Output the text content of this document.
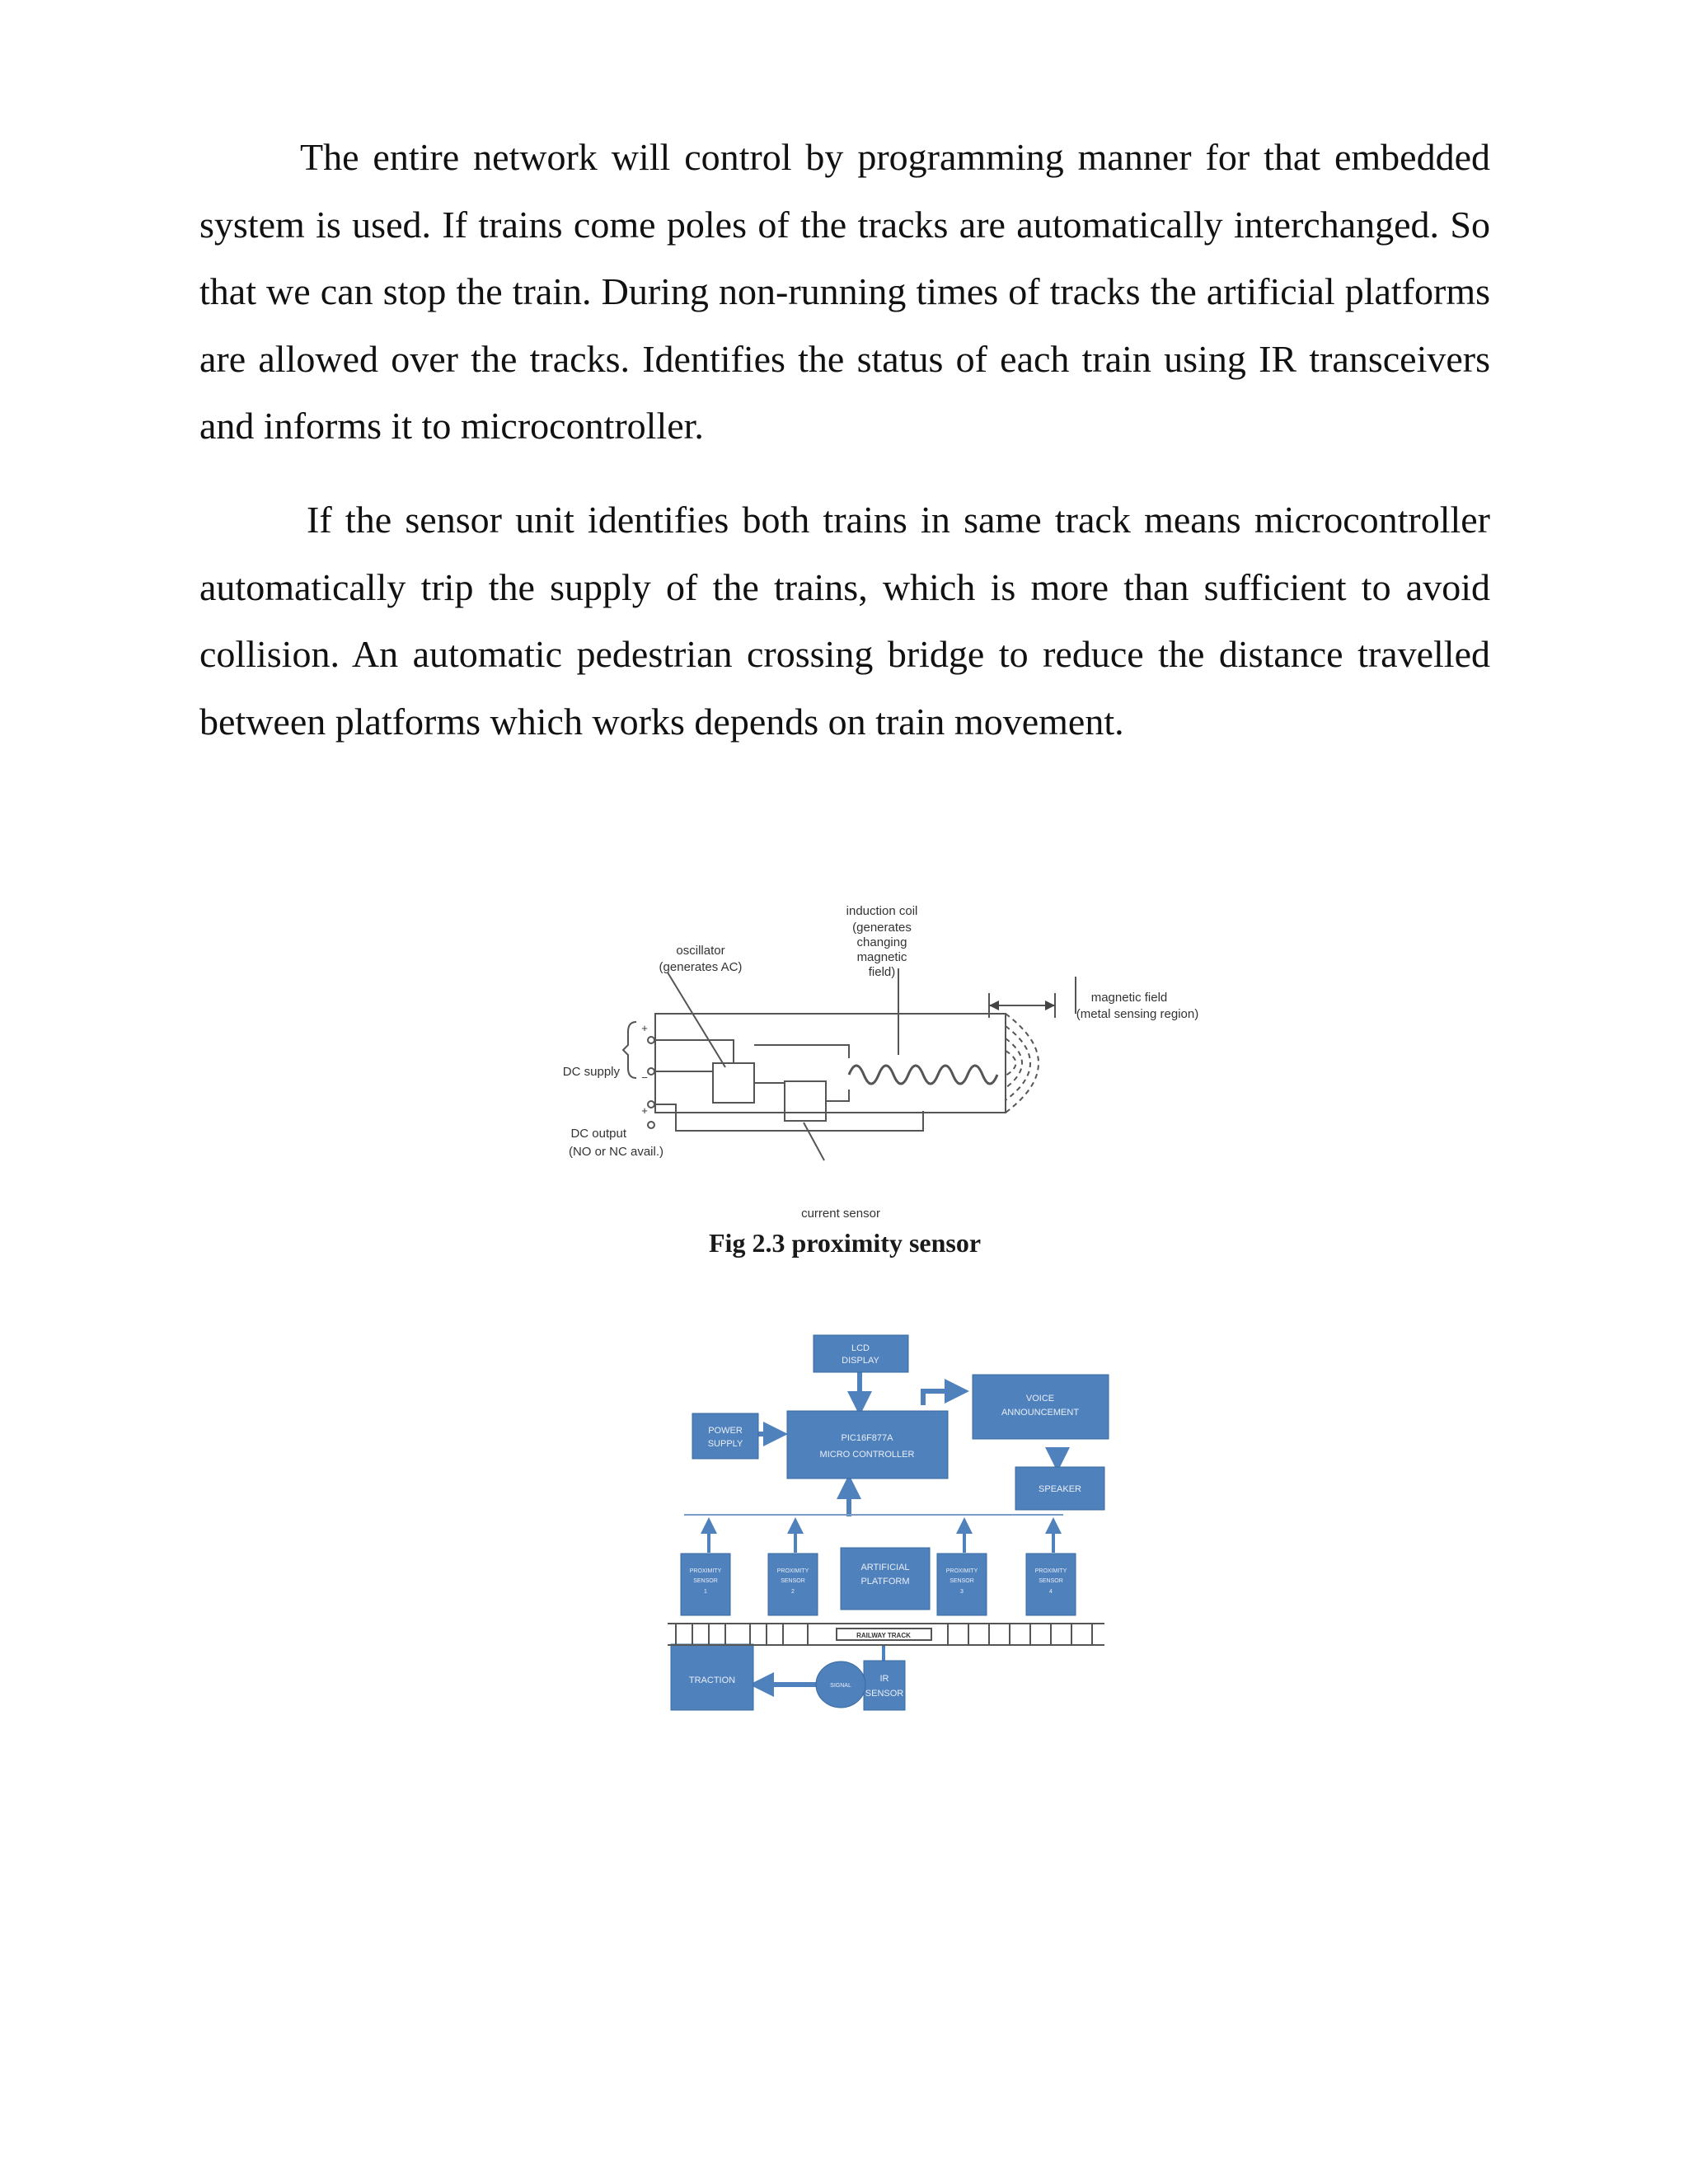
The entire network will control by programming manner for that embedded system is used. If trains come poles of the tracks are automatically interchanged. So that we can stop the train. During non-running times of tracks the artificial platforms are allowed over the tracks. Identifies the status of each train using IR transceivers and informs it to microcontroller.

If the sensor unit identifies both trains in same track means microcontroller automatically trip the supply of the trains, which is more than sufficient to avoid collision. An automatic pedestrian crossing bridge to reduce the distance travelled between platforms which works depends on train movement.

oscillator
(generates AC)
induction coil
(generates
changing
magnetic
field)
magnetic field
(metal sensing region)
current sensor
DC supply
DC output
(NO or NC avail.)
+
−
+

Fig 2.3 proximity sensor

LCD
DISPLAY
VOICE
ANNOUNCEMENT
POWER
SUPPLY
PIC16F877A
MICRO CONTROLLER
SPEAKER
ARTIFICIAL
PLATFORM
TRACTION	IR
SENSOR
SIGNAL
PROXIMITY
SENSOR
1
PROXIMITY
SENSOR
2
PROXIMITY
SENSOR
3
PROXIMITY
SENSOR
4
RAILWAY TRACK
